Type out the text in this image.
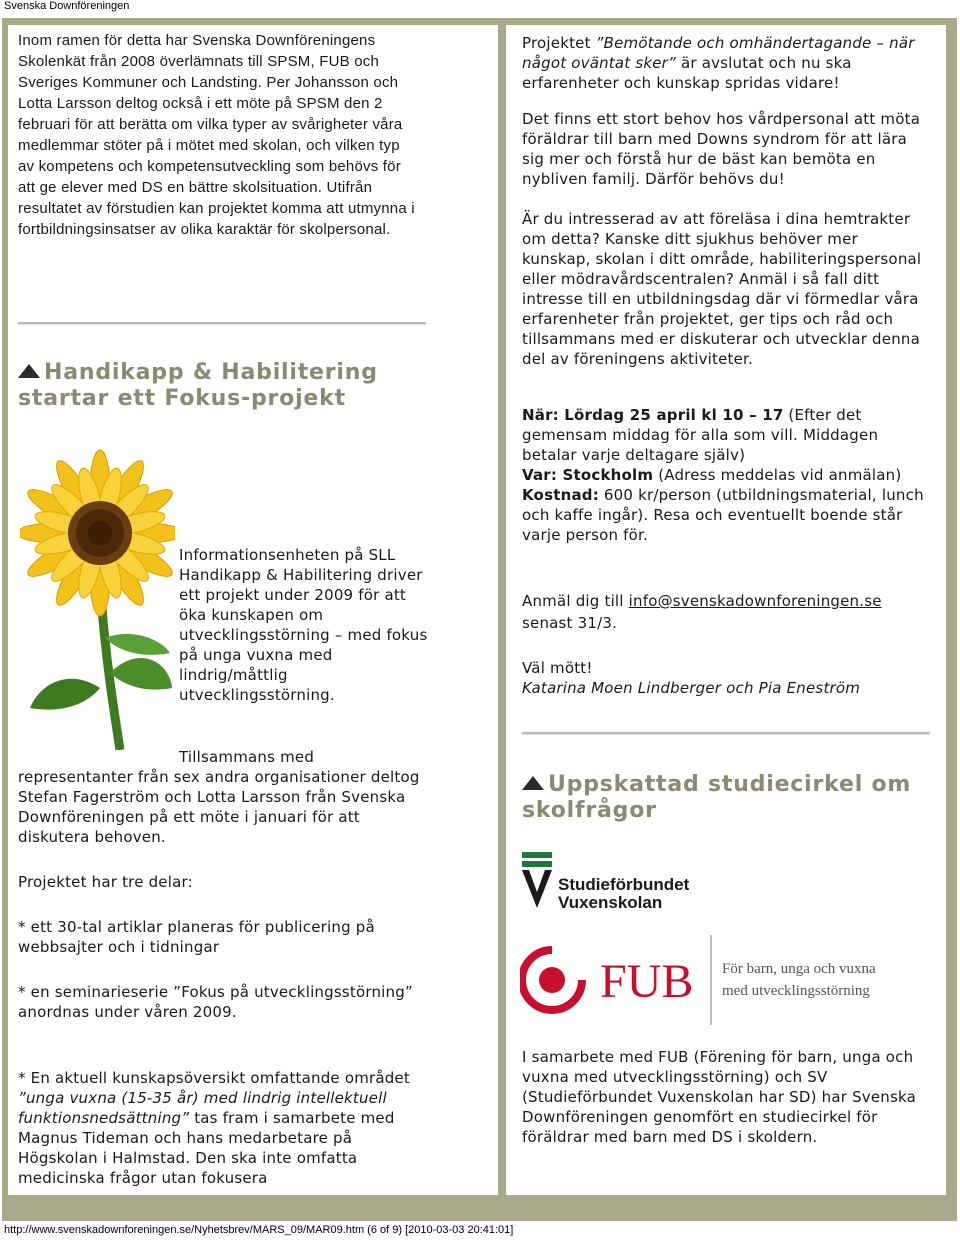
Svenska Downföreningen
Inom ramen för detta har Svenska Downföreningens Skolenkät från 2008 överlämnats till SPSM, FUB och Sveriges Kommuner och Landsting. Per Johansson och Lotta Larsson deltog också i ett möte på SPSM den 2 februari för att berätta om vilka typer av svårigheter våra medlemmar stöter på i mötet med skolan, och vilken typ av kompetens och kompetensutveckling som behövs för att ge elever med DS en bättre skolsituation. Utifrån resultatet av förstudien kan projektet komma att utmynna i fortbildningsinsatser av olika karaktär för skolpersonal.
Handikapp & Habilitering startar ett Fokus-projekt
Informationsenheten på SLL Handikapp & Habilitering driver ett projekt under 2009 för att öka kunskapen om utvecklingsstörning – med fokus på unga vuxna med lindrig/måttlig utvecklingsstörning.
Tillsammans med
representanter från sex andra organisationer deltog Stefan Fagerström och Lotta Larsson från Svenska Downföreningen på ett möte i januari för att diskutera behoven.
Projektet har tre delar:
* ett 30-tal artiklar planeras för publicering på webbsajter och i tidningar
* en seminarieserie ”Fokus på utvecklingsstörning” anordnas under våren 2009.
* En aktuell kunskapsöversikt omfattande området ”unga vuxna (15-35 år) med lindrig intellektuell funktionsnedsättning” tas fram i samarbete med Magnus Tideman och hans medarbetare på Högskolan i Halmstad. Den ska inte omfatta medicinska frågor utan fokusera
Projektet ”Bemötande och omhändertagande – när något oväntat sker” är avslutat och nu ska erfarenheter och kunskap spridas vidare!
Det finns ett stort behov hos vårdpersonal att möta föräldrar till barn med Downs syndrom för att lära sig mer och förstå hur de bäst kan bemöta en nybliven familj. Därför behövs du!
Är du intresserad av att föreläsa i dina hemtrakter om detta? Kanske ditt sjukhus behöver mer kunskap, skolan i ditt område, habiliteringspersonal eller mödravårdscentralen? Anmäl i så fall ditt intresse till en utbildningsdag där vi förmedlar våra erfarenheter från projektet, ger tips och råd och tillsammans med er diskuterar och utvecklar denna del av föreningens aktiviteter.
När: Lördag 25 april kl 10 – 17 (Efter det gemensam middag för alla som vill. Middagen betalar varje deltagare själv)
Var: Stockholm (Adress meddelas vid anmälan) Kostnad: 600 kr/person (utbildningsmaterial, lunch och kaffe ingår). Resa och eventuellt boende står varje person för.
Anmäl dig till info@svenskadownforeningen.se
senast 31/3.
Väl mött!
Katarina Moen Lindberger och Pia Eneström
Uppskattad studiecirkel om skolfrågor
Studieförbundet
Vuxenskolan
FUB För barn, unga och vuxna
med utvecklingsstörning
I samarbete med FUB (Förening för barn, unga och vuxna med utvecklingsstörning) och SV (Studieförbundet Vuxenskolan har SD) har Svenska Downföreningen genomfört en studiecirkel för föräldrar med barn med DS i skoldern.
http://www.svenskadownforeningen.se/Nyhetsbrev/MARS_09/MAR09.htm (6 of 9) [2010-03-03 20:41:01]
